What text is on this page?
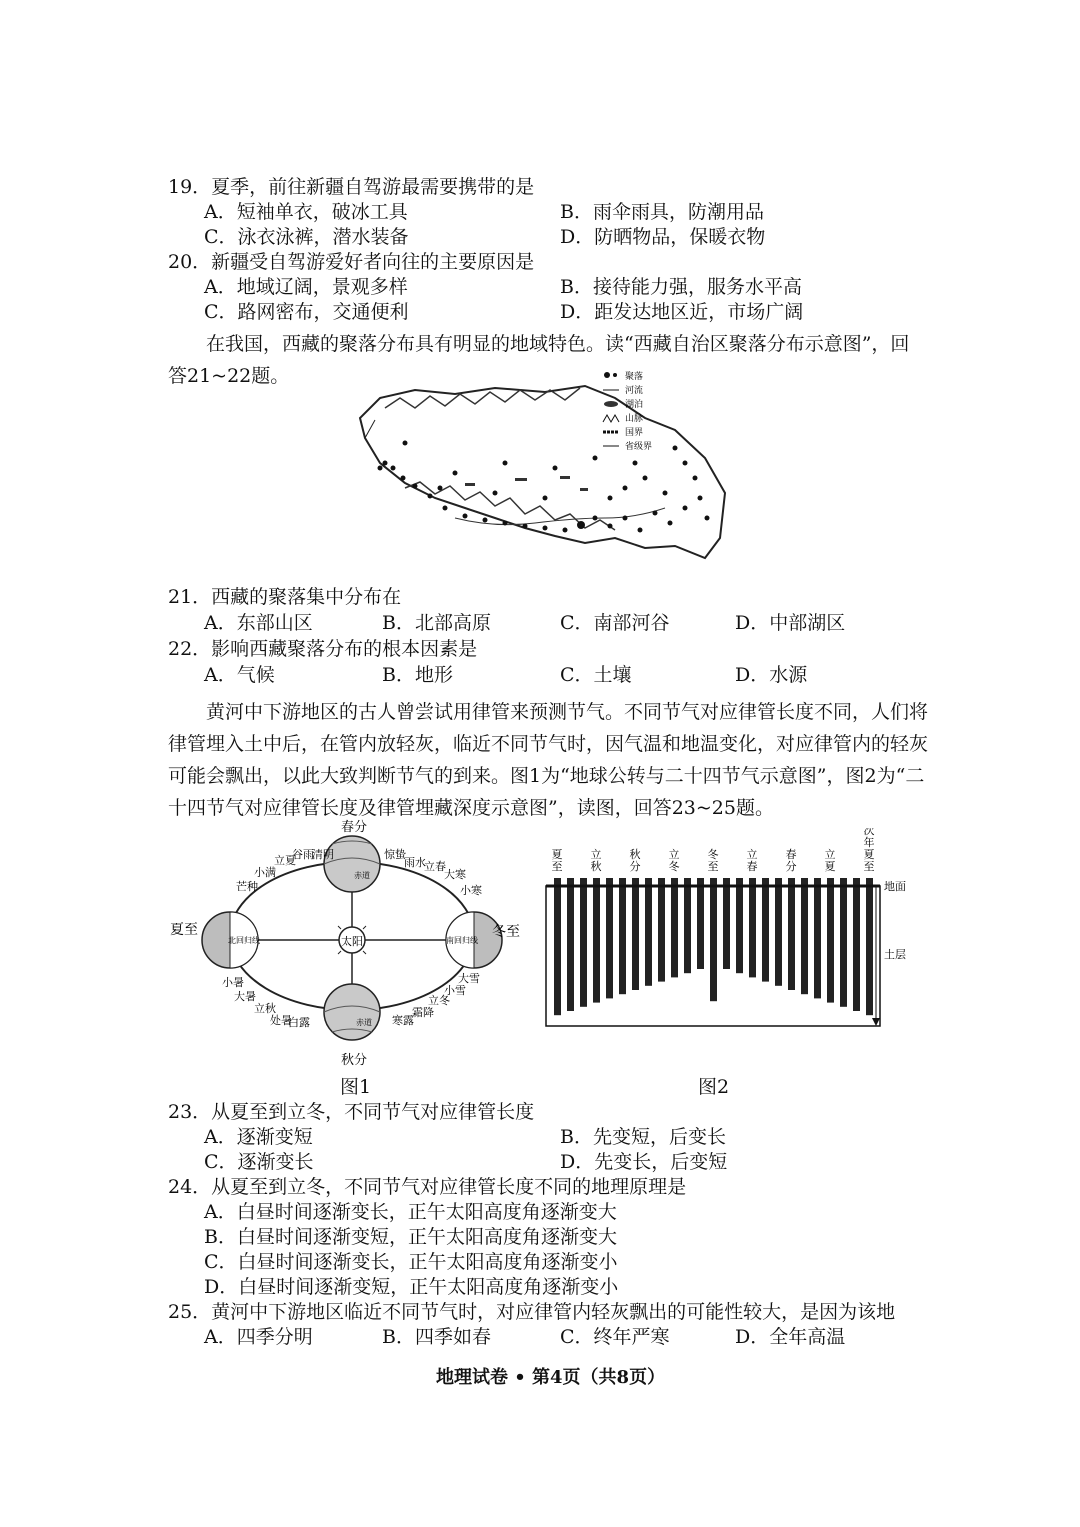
19．夏季，前往新疆自驾游最需要携带的是
A．短袖单衣，破冰工具	B．雨伞雨具，防潮用品
C．泳衣泳裤，潜水装备	D．防晒物品，保暖衣物
20．新疆受自驾游爱好者向往的主要原因是
A．地域辽阔，景观多样	B．接待能力强，服务水平高
C．路网密布，交通便利	D．距发达地区近，市场广阔
在我国，西藏的聚落分布具有明显的地域特色。读“西藏自治区聚落分布示意图”，回答21~22题。	聚落
河流
湖泊
山脉
国界
省级界
21．西藏的聚落集中分布在
A．东部山区	B．北部高原	C．南部河谷	D．中部湖区
22．影响西藏聚落分布的根本因素是
A．气候	B．地形	C．土壤	D．水源
黄河中下游地区的古人曾尝试用律管来预测节气。不同节气对应律管长度不同，人们将律管埋入土中后，在管内放轻灰，临近不同节气时，因气温和地温变化，对应律管内的轻灰可能会飘出，以此大致判断节气的到来。图1为“地球公转与二十四节气示意图”，图2为“二十四节气对应律管长度及律管埋藏深度示意图”，读图，回答23~25题。
太阳
赤道
北回归线	南回归线
赤道
春分
夏至	冬至
秋分
清明
谷雨
立夏
小满
芒种
惊蛰
雨水
立春
大寒
小寒
小暑
大暑
立秋
处暑
白露	寒露
霜降
立冬
小雪
大雪
地面
土层
夏
至
立
秋
秋
分
立
冬
冬
至
立
春
春
分
立
夏
次
年
夏
至
图1	图2
23．从夏至到立冬，不同节气对应律管长度
A．逐渐变短	B．先变短，后变长
C．逐渐变长	D．先变长，后变短
24．从夏至到立冬，不同节气对应律管长度不同的地理原理是
A．白昼时间逐渐变长，正午太阳高度角逐渐变大
B．白昼时间逐渐变短，正午太阳高度角逐渐变大
C．白昼时间逐渐变长，正午太阳高度角逐渐变小
D．白昼时间逐渐变短，正午太阳高度角逐渐变小
25．黄河中下游地区临近不同节气时，对应律管内轻灰飘出的可能性较大，是因为该地
A．四季分明	B．四季如春	C．终年严寒	D．全年高温
地理试卷 • 第4页（共8页）
